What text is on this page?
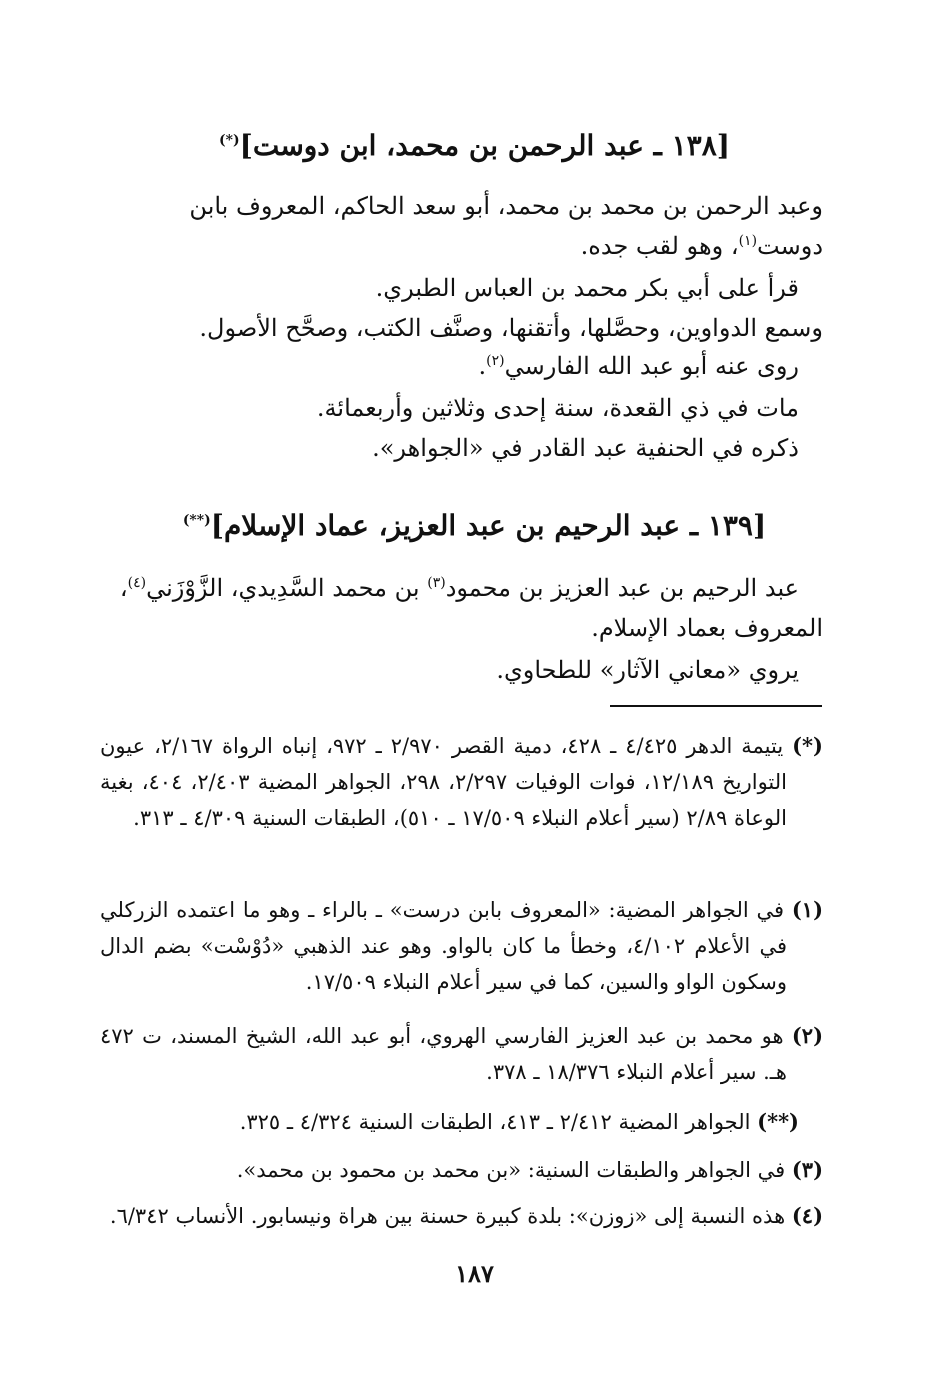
[١٣٨ ـ عبد الرحمن بن محمد، ابن دوست](*)
وعبد الرحمن بن محمد بن محمد، أبو سعد الحاكم، المعروف بابن
دوست$^{(١)}$، وهو لقب جده.
قرأ على أبي بكر محمد بن العباس الطبري.
وسمع الدواوين، وحصَّلها، وأتقنها، وصنَّف الكتب، وصحَّح الأصول.
روى عنه أبو عبد الله الفارسي$^{(٢)}$.
مات في ذي القعدة، سنة إحدى وثلاثين وأربعمائة.
ذكره في الحنفية عبد القادر في «الجواهر».
[١٣٩ ـ عبد الرحيم بن عبد العزيز، عماد الإسلام](**)
عبد الرحيم بن عبد العزيز بن محمود$^{(٣)}$ بن محمد السَّدِيدي، الزَّوْزَني$^{(٤)}$،
المعروف بعماد الإسلام.
يروي «معاني الآثار» للطحاوي.
(*) يتيمة الدهر ٤/٤٢٥ ـ ٤٢٨، دمية القصر ٢/٩٧٠ ـ ٩٧٢، إنباه الرواة ٢/١٦٧، عيون التواريخ ١٢/١٨٩، فوات الوفيات ٢/٢٩٧، ٢٩٨، الجواهر المضية ٢/٤٠٣، ٤٠٤، بغية الوعاة ٢/٨٩ (سير أعلام النبلاء ١٧/٥٠٩ ـ ٥١٠)، الطبقات السنية ٤/٣٠٩ ـ ٣١٣.
(١) في الجواهر المضية: «المعروف بابن درست» ـ بالراء ـ وهو ما اعتمده الزركلي في الأعلام ٤/١٠٢، وخطأ ما كان بالواو. وهو عند الذهبي «دُوْسْت» بضم الدال وسكون الواو والسين، كما في سير أعلام النبلاء ١٧/٥٠٩.
(٢) هو محمد بن عبد العزيز الفارسي الهروي، أبو عبد الله، الشيخ المسند، ت ٤٧٢ هـ. سير أعلام النبلاء ١٨/٣٧٦ ـ ٣٧٨.
(**) الجواهر المضية ٢/٤١٢ ـ ٤١٣، الطبقات السنية ٤/٣٢٤ ـ ٣٢٥.
(٣) في الجواهر والطبقات السنية: «بن محمد بن محمود بن محمد».
(٤) هذه النسبة إلى «زوزن»: بلدة كبيرة حسنة بين هراة ونيسابور. الأنساب ٦/٣٤٢.
١٨٧
